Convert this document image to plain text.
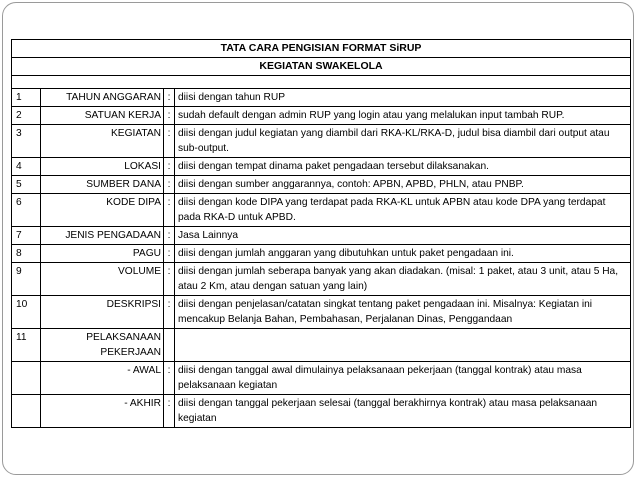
TATA CARA PENGISIAN FORMAT SiRUP
KEGIATAN SWAKELOLA
1	TAHUN ANGGARAN	:	diisi dengan tahun RUP
2	SATUAN KERJA	:	sudah default dengan admin RUP yang login atau yang melalukan input tambah RUP.
3	KEGIATAN	:	diisi dengan judul kegiatan yang diambil dari RKA-KL/RKA-D, judul bisa diambil dari output atau sub-output.
4	LOKASI	:	diisi dengan tempat dinama paket pengadaan tersebut dilaksanakan.
5	SUMBER DANA	:	diisi dengan sumber anggarannya, contoh: APBN, APBD, PHLN, atau PNBP.
6	KODE DIPA	:	diisi dengan kode DIPA yang terdapat pada RKA-KL untuk APBN atau kode DPA yang terdapat pada RKA-D untuk APBD.
7	JENIS PENGADAAN	:	Jasa Lainnya
8	PAGU	:	diisi dengan jumlah anggaran yang dibutuhkan untuk paket pengadaan ini.
9	VOLUME	:	diisi dengan jumlah seberapa banyak yang akan diadakan. (misal: 1 paket, atau 3 unit, atau 5 Ha, atau 2 Km, atau dengan satuan yang lain)
10	DESKRIPSI	:	diisi dengan penjelasan/catatan singkat tentang paket pengadaan ini. Misalnya: Kegiatan ini mencakup Belanja Bahan, Pembahasan, Perjalanan Dinas, Penggandaan
11	PELAKSANAAN PEKERJAAN		
	- AWAL	:	diisi dengan tanggal awal dimulainya pelaksanaan pekerjaan (tanggal kontrak) atau masa pelaksanaan kegiatan
	- AKHIR	:	diisi dengan tanggal pekerjaan selesai (tanggal berakhirnya kontrak) atau masa pelaksanaan kegiatan
